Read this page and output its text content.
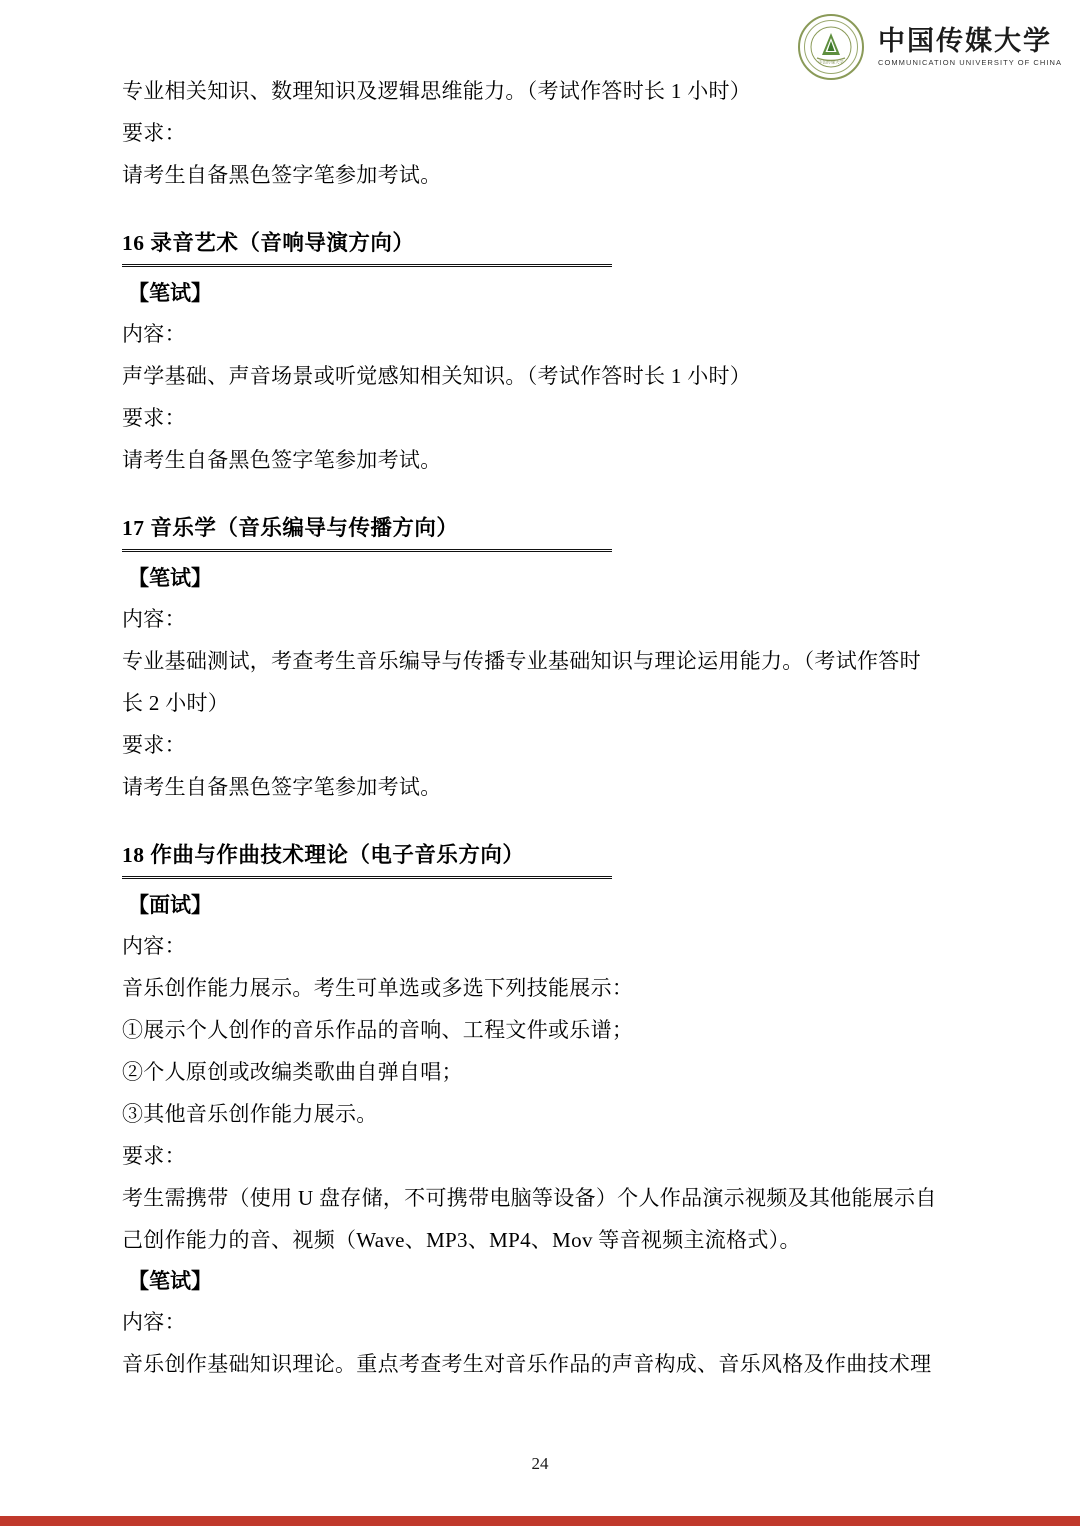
中国传媒大学
中国传媒大学
COMMUNICATION UNIVERSITY OF CHINA
专业相关知识、数理知识及逻辑思维能力。（考试作答时长 1 小时）
要求：
请考生自备黑色签字笔参加考试。
16 录音艺术（音响导演方向）
【笔试】
内容：
声学基础、声音场景或听觉感知相关知识。（考试作答时长 1 小时）
要求：
请考生自备黑色签字笔参加考试。
17 音乐学（音乐编导与传播方向）
【笔试】
内容：
专业基础测试，考查考生音乐编导与传播专业基础知识与理论运用能力。（考试作答时
长 2 小时）
要求：
请考生自备黑色签字笔参加考试。
18 作曲与作曲技术理论（电子音乐方向）
【面试】
内容：
音乐创作能力展示。考生可单选或多选下列技能展示：
①展示个人创作的音乐作品的音响、工程文件或乐谱；
②个人原创或改编类歌曲自弹自唱；
③其他音乐创作能力展示。
要求：
考生需携带（使用 U 盘存储，不可携带电脑等设备）个人作品演示视频及其他能展示自
己创作能力的音、视频（Wave、MP3、MP4、Mov 等音视频主流格式）。
【笔试】
内容：
音乐创作基础知识理论。重点考查考生对音乐作品的声音构成、音乐风格及作曲技术理
24
